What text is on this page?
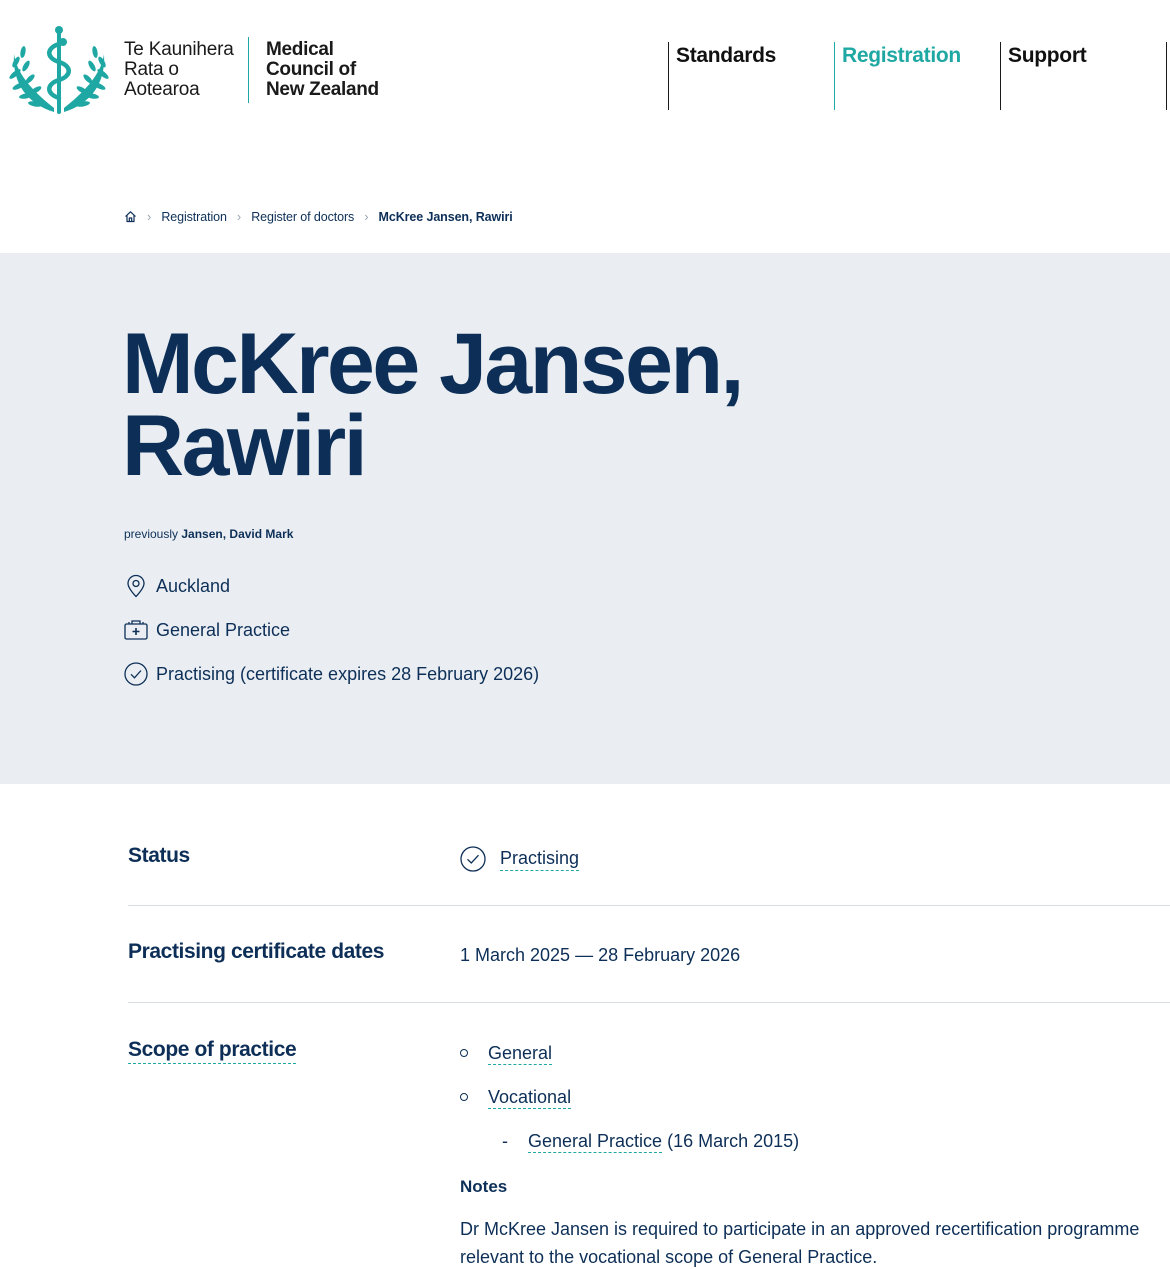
Te Kaunihera
Rata o
Aotearoa
Medical
Council of
New Zealand
Standards	Registration	Support
› Registration › Register of doctors › McKree Jansen, Rawiri
McKree Jansen,
Rawiri
previously Jansen, David Mark
Auckland
General Practice
Practising (certificate expires 28 February 2026)
Status	Practising
Practising certificate dates	1 March 2025 — 28 February 2026
Scope of practice	General
Vocational
- General Practice (16 March 2015)
Notes
Dr McKree Jansen is required to participate in an approved recertification programme relevant to the vocational scope of General Practice.
